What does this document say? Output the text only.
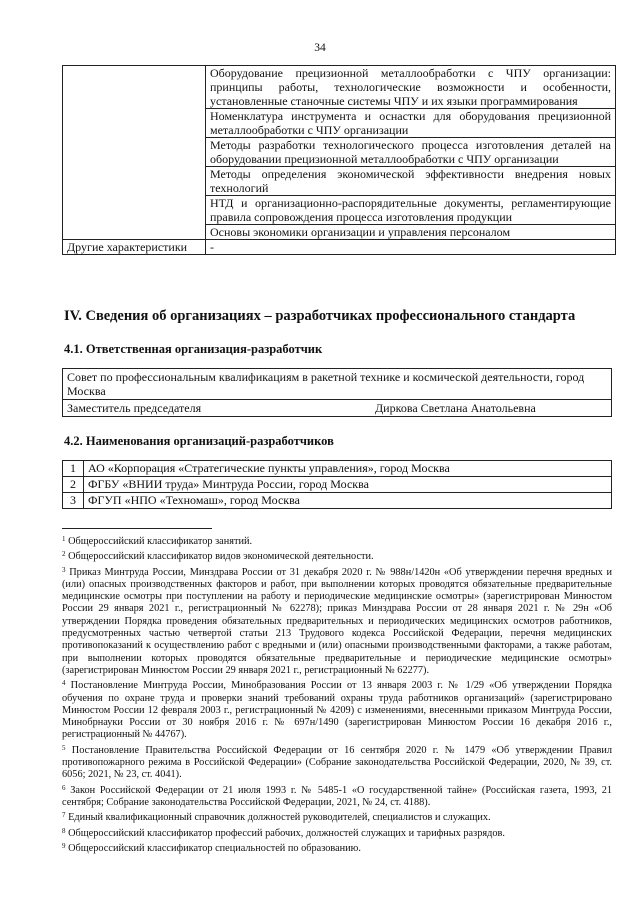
34
	Оборудование прецизионной металлообработки с ЧПУ организации: принципы работы, технологические возможности и особенности, установленные станочные системы ЧПУ и их языки программирования
	Номенклатура инструмента и оснастки для оборудования прецизионной металлообработки с ЧПУ организации
	Методы разработки технологического процесса изготовления деталей на оборудовании прецизионной металлообработки с ЧПУ организации
	Методы определения экономической эффективности внедрения новых технологий
	НТД и организационно-распорядительные документы, регламентирующие правила сопровождения процесса изготовления продукции
	Основы экономики организации и управления персоналом
Другие характеристики	-
IV. Сведения об организациях – разработчиках профессионального стандарта
4.1. Ответственная организация-разработчик
Совет по профессиональным квалификациям в ракетной технике и космической деятельности, город Москва
Заместитель председателя	Диркова Светлана Анатольевна
4.2. Наименования организаций-разработчиков
1	АО «Корпорация «Стратегические пункты управления», город Москва
2	ФГБУ «ВНИИ труда» Минтруда России, город Москва
3	ФГУП «НПО «Техномаш», город Москва

$^1$ Общероссийский классификатор занятий.

$^2$ Общероссийский классификатор видов экономической деятельности.

$^3$ Приказ Минтруда России, Минздрава России от 31 декабря 2020 г. № 988н/1420н «Об утверждении перечня вредных и (или) опасных производственных факторов и работ, при выполнении которых проводятся обязательные предварительные медицинские осмотры при поступлении на работу и периодические медицинские осмотры» (зарегистрирован Минюстом России 29 января 2021 г., регистрационный № 62278); приказ Минздрава России от 28 января 2021 г. № 29н «Об утверждении Порядка проведения обязательных предварительных и периодических медицинских осмотров работников, предусмотренных частью четвертой статьи 213 Трудового кодекса Российской Федерации, перечня медицинских противопоказаний к осуществлению работ с вредными и (или) опасными производственными факторами, а также работам, при выполнении которых проводятся обязательные предварительные и периодические медицинские осмотры» (зарегистрирован Минюстом России 29 января 2021 г., регистрационный № 62277).

$^4$ Постановление Минтруда России, Минобразования России от 13 января 2003 г. № 1/29 «Об утверждении Порядка обучения по охране труда и проверки знаний требований охраны труда работников организаций» (зарегистрировано Минюстом России 12 февраля 2003 г., регистрационный № 4209) с изменениями, внесенными приказом Минтруда России, Минобрнауки России от 30 ноября 2016 г. № 697н/1490 (зарегистрирован Минюстом России 16 декабря 2016 г., регистрационный № 44767).

$^5$ Постановление Правительства Российской Федерации от 16 сентября 2020 г. № 1479 «Об утверждении Правил противопожарного режима в Российской Федерации» (Собрание законодательства Российской Федерации, 2020, № 39, ст. 6056; 2021, № 23, ст. 4041).

$^6$ Закон Российской Федерации от 21 июля 1993 г. № 5485-1 «О государственной тайне» (Российская газета, 1993, 21 сентября; Собрание законодательства Российской Федерации, 2021, № 24, ст. 4188).

$^7$ Единый квалификационный справочник должностей руководителей, специалистов и служащих.

$^8$ Общероссийский классификатор профессий рабочих, должностей служащих и тарифных разрядов.

$^9$ Общероссийский классификатор специальностей по образованию.
